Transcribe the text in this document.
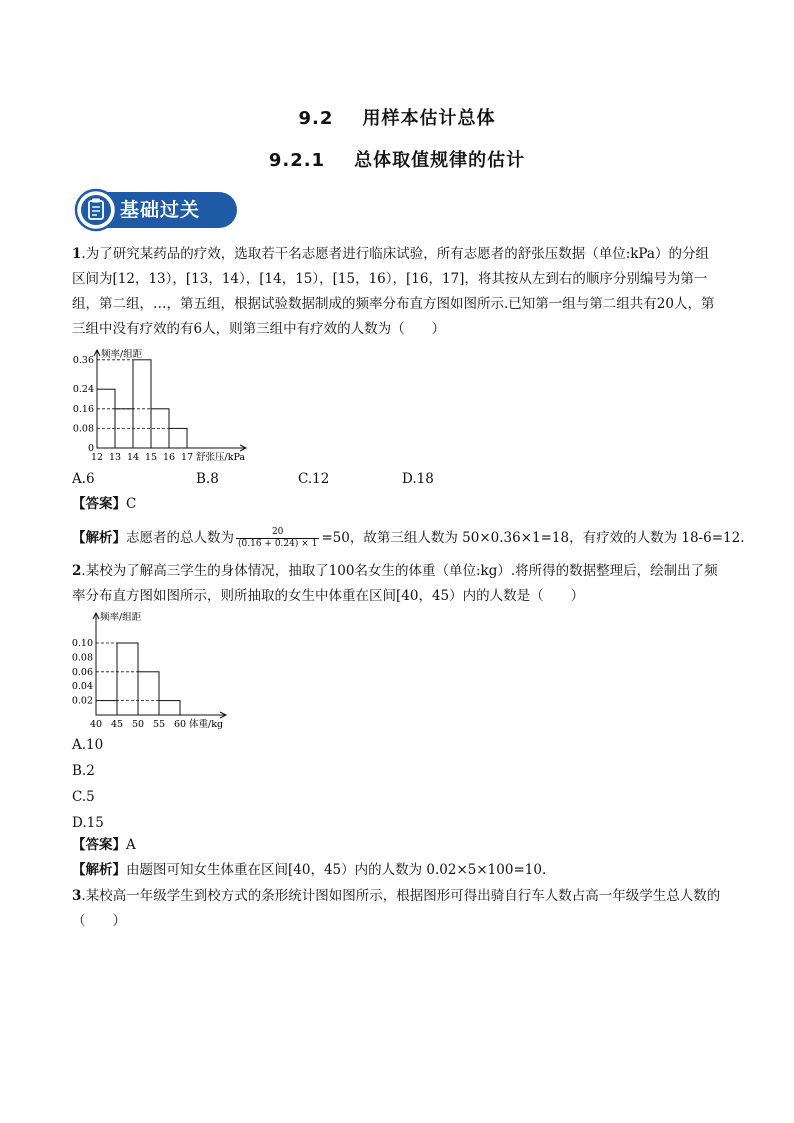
9.2 用样本估计总体
9.2.1 总体取值规律的估计
基础过关

1.为了研究某药品的疗效，选取若干名志愿者进行临床试验，所有志愿者的舒张压数据（单位:kPa）的分组区间为[12，13），[13，14），[14，15），[15，16），[16，17]，将其按从左到右的顺序分别编号为第一组，第二组，…，第五组，根据试验数据制成的频率分布直方图如图所示.已知第一组与第二组共有20人，第三组中没有疗效的有6人，则第三组中有疗效的人数为（　　）

频率/组距
0.36
0.24
0.16
0.08
0
12 13 14 15 16 17 舒张压/kPa
A.6	B.8	C.12	D.18
【答案】C
【解析】志愿者的总人数为 $\frac{20}{(0.16 + 0.24) \times 1} =50$，故第三组人数为 50×0.36×1=18，有疗效的人数为 18-6=12.

2.某校为了解高三学生的身体情况，抽取了100名女生的体重（单位:kg）.将所得的数据整理后，绘制出了频率分布直方图如图所示，则所抽取的女生中体重在区间[40，45）内的人数是（　　）

频率/组距
0.10
0.08
0.06
0.04
0.02
40 45 50 55 60 体重/kg
A.10
B.2
C.5
D.15
【答案】A
【解析】由题图可知女生体重在区间[40，45）内的人数为 0.02×5×100=10.

3.某校高一年级学生到校方式的条形统计图如图所示，根据图形可得出骑自行车人数占高一年级学生总人数的（　　）
